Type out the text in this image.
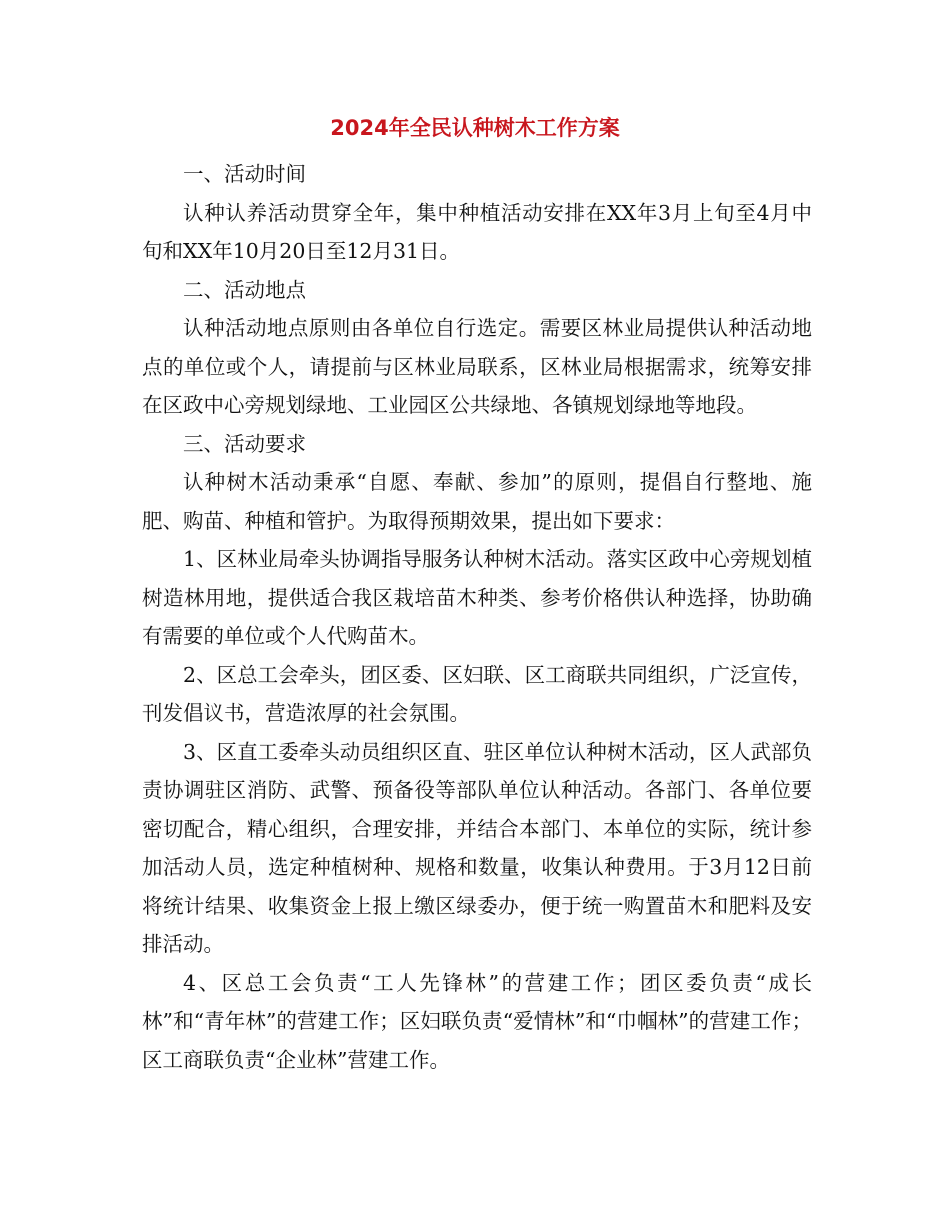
2024年全民认种树木工作方案

一、活动时间

认种认养活动贯穿全年，集中种植活动安排在XX年3月上旬至4月中旬和XX年10月20日至12月31日。

二、活动地点

认种活动地点原则由各单位自行选定。需要区林业局提供认种活动地点的单位或个人，请提前与区林业局联系，区林业局根据需求，统筹安排在区政中心旁规划绿地、工业园区公共绿地、各镇规划绿地等地段。

三、活动要求

认种树木活动秉承“自愿、奉献、参加”的原则，提倡自行整地、施肥、购苗、种植和管护。为取得预期效果，提出如下要求：

1、区林业局牵头协调指导服务认种树木活动。落实区政中心旁规划植树造林用地，提供适合我区栽培苗木种类、参考价格供认种选择，协助确有需要的单位或个人代购苗木。

2、区总工会牵头，团区委、区妇联、区工商联共同组织，广泛宣传，刊发倡议书，营造浓厚的社会氛围。

3、区直工委牵头动员组织区直、驻区单位认种树木活动，区人武部负责协调驻区消防、武警、预备役等部队单位认种活动。各部门、各单位要密切配合，精心组织，合理安排，并结合本部门、本单位的实际，统计参加活动人员，选定种植树种、规格和数量，收集认种费用。于3月12日前将统计结果、收集资金上报上缴区绿委办，便于统一购置苗木和肥料及安排活动。

4、区总工会负责“工人先锋林”的营建工作；团区委负责“成长林”和“青年林”的营建工作；区妇联负责“爱情林”和“巾帼林”的营建工作；区工商联负责“企业林”营建工作。
